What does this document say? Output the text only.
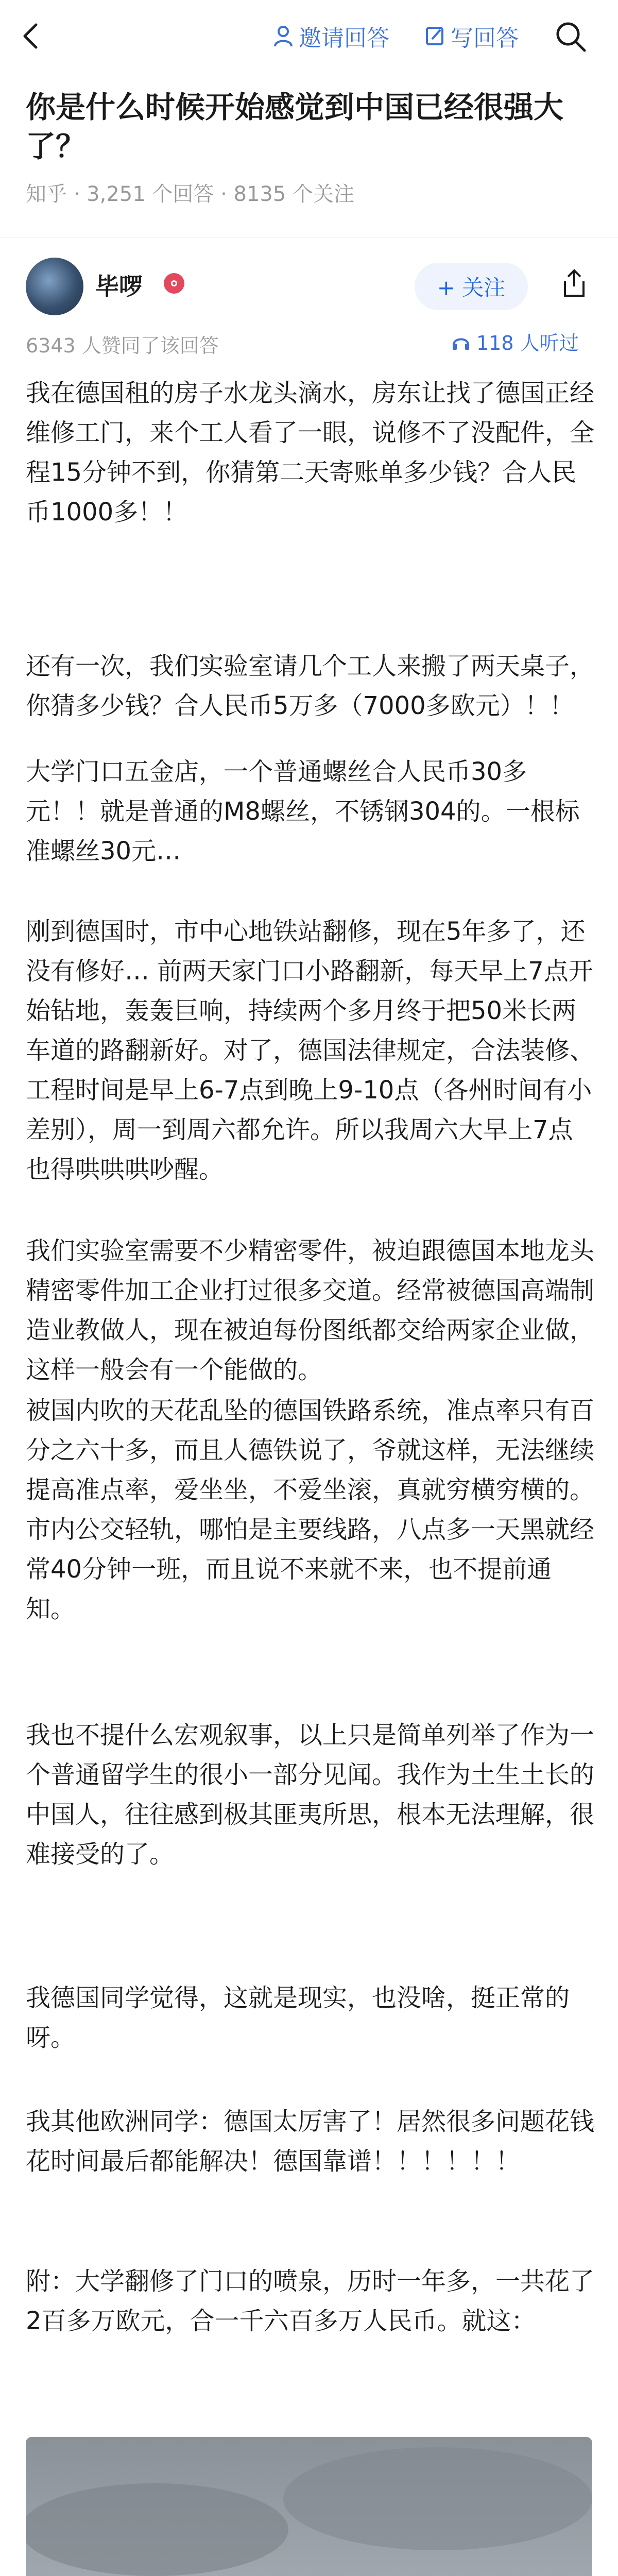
邀请回答	写回答
你是什么时候开始感觉到中国已经很强大了？
知乎 · 3,251 个回答 · 8135 个关注
毕啰	+ 关注
6343 人赞同了该回答	118 人听过

我在德国租的房子水龙头滴水，房东让找了德国正经维修工门，来个工人看了一眼，说修不了没配件，全程15分钟不到，你猜第二天寄账单多少钱？合人民币1000多！！

还有一次，我们实验室请几个工人来搬了两天桌子，你猜多少钱？合人民币5万多（7000多欧元）！！

大学门口五金店，一个普通螺丝合人民币30多元！！就是普通的M8螺丝，不锈钢304的。一根标准螺丝30元…

刚到德国时，市中心地铁站翻修，现在5年多了，还没有修好… 前两天家门口小路翻新，每天早上7点开始钻地，轰轰巨响，持续两个多月终于把50米长两车道的路翻新好。对了，德国法律规定，合法装修、工程时间是早上6-7点到晚上9-10点（各州时间有小差别），周一到周六都允许。所以我周六大早上7点也得哄哄哄吵醒。

我们实验室需要不少精密零件，被迫跟德国本地龙头精密零件加工企业打过很多交道。经常被德国高端制造业教做人，现在被迫每份图纸都交给两家企业做，这样一般会有一个能做的。

被国内吹的天花乱坠的德国铁路系统，准点率只有百分之六十多，而且人德铁说了，爷就这样，无法继续提高准点率，爱坐坐，不爱坐滚，真就穷横穷横的。市内公交轻轨，哪怕是主要线路，八点多一天黑就经常40分钟一班，而且说不来就不来，也不提前通知。

我也不提什么宏观叙事，以上只是简单列举了作为一个普通留学生的很小一部分见闻。我作为土生土长的中国人，往往感到极其匪夷所思，根本无法理解，很难接受的了。

我德国同学觉得，这就是现实，也没啥，挺正常的呀。

我其他欧洲同学：德国太厉害了！居然很多问题花钱花时间最后都能解决！德国靠谱！！！！！！

附：大学翻修了门口的喷泉，历时一年多，一共花了2百多万欧元，合一千六百多万人民币。就这：
